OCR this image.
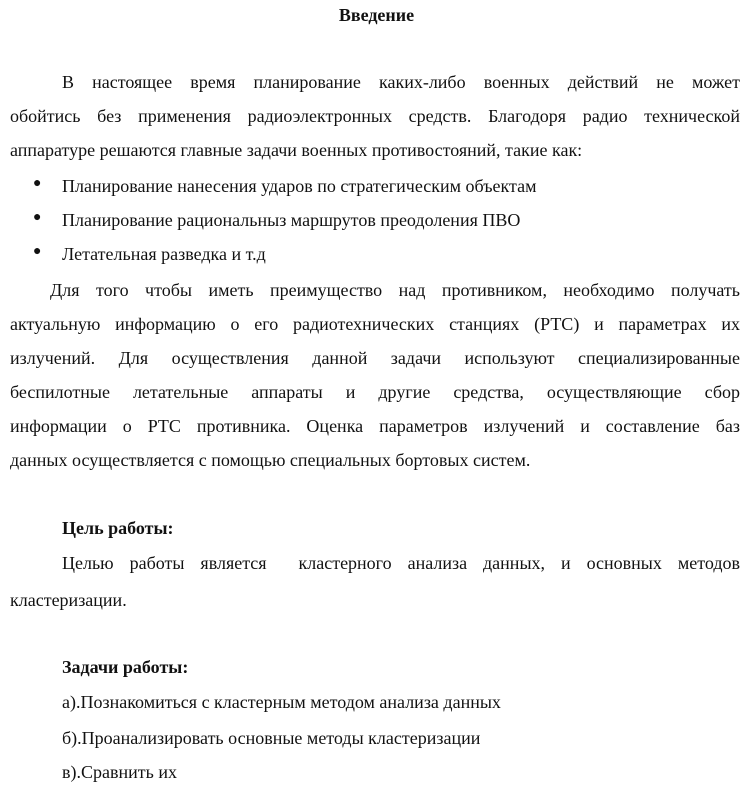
Введение
В настоящее время планирование каких-либо военных действий не может
обойтись без применения радиоэлектронных средств. Благодоря радио технической
аппаратуре решаются главные задачи военных противостояний, такие как:
● Планирование нанесения ударов по стратегическим объектам
● Планирование рациональныз маршрутов преодоления ПВО
● Летательная разведка и т.д
Для того чтобы иметь преимущество над противником, необходимо получать
актуальную информацию о его радиотехнических станциях (РТС) и параметрах их
излучений. Для осуществления данной задачи используют специализированные
беспилотные летательные аппараты и другие средства, осуществляющие сбор
информации о РТС противника. Оценка параметров излучений и составление баз
данных осуществляется с помощью специальных бортовых систем.
Цель работы:
Целью работы является  кластерного анализа данных, и основных методов
кластеризации.
Задачи работы:
а).Познакомиться с кластерным методом анализа данных
б).Проанализировать основные методы кластеризации
в).Сравнить их
